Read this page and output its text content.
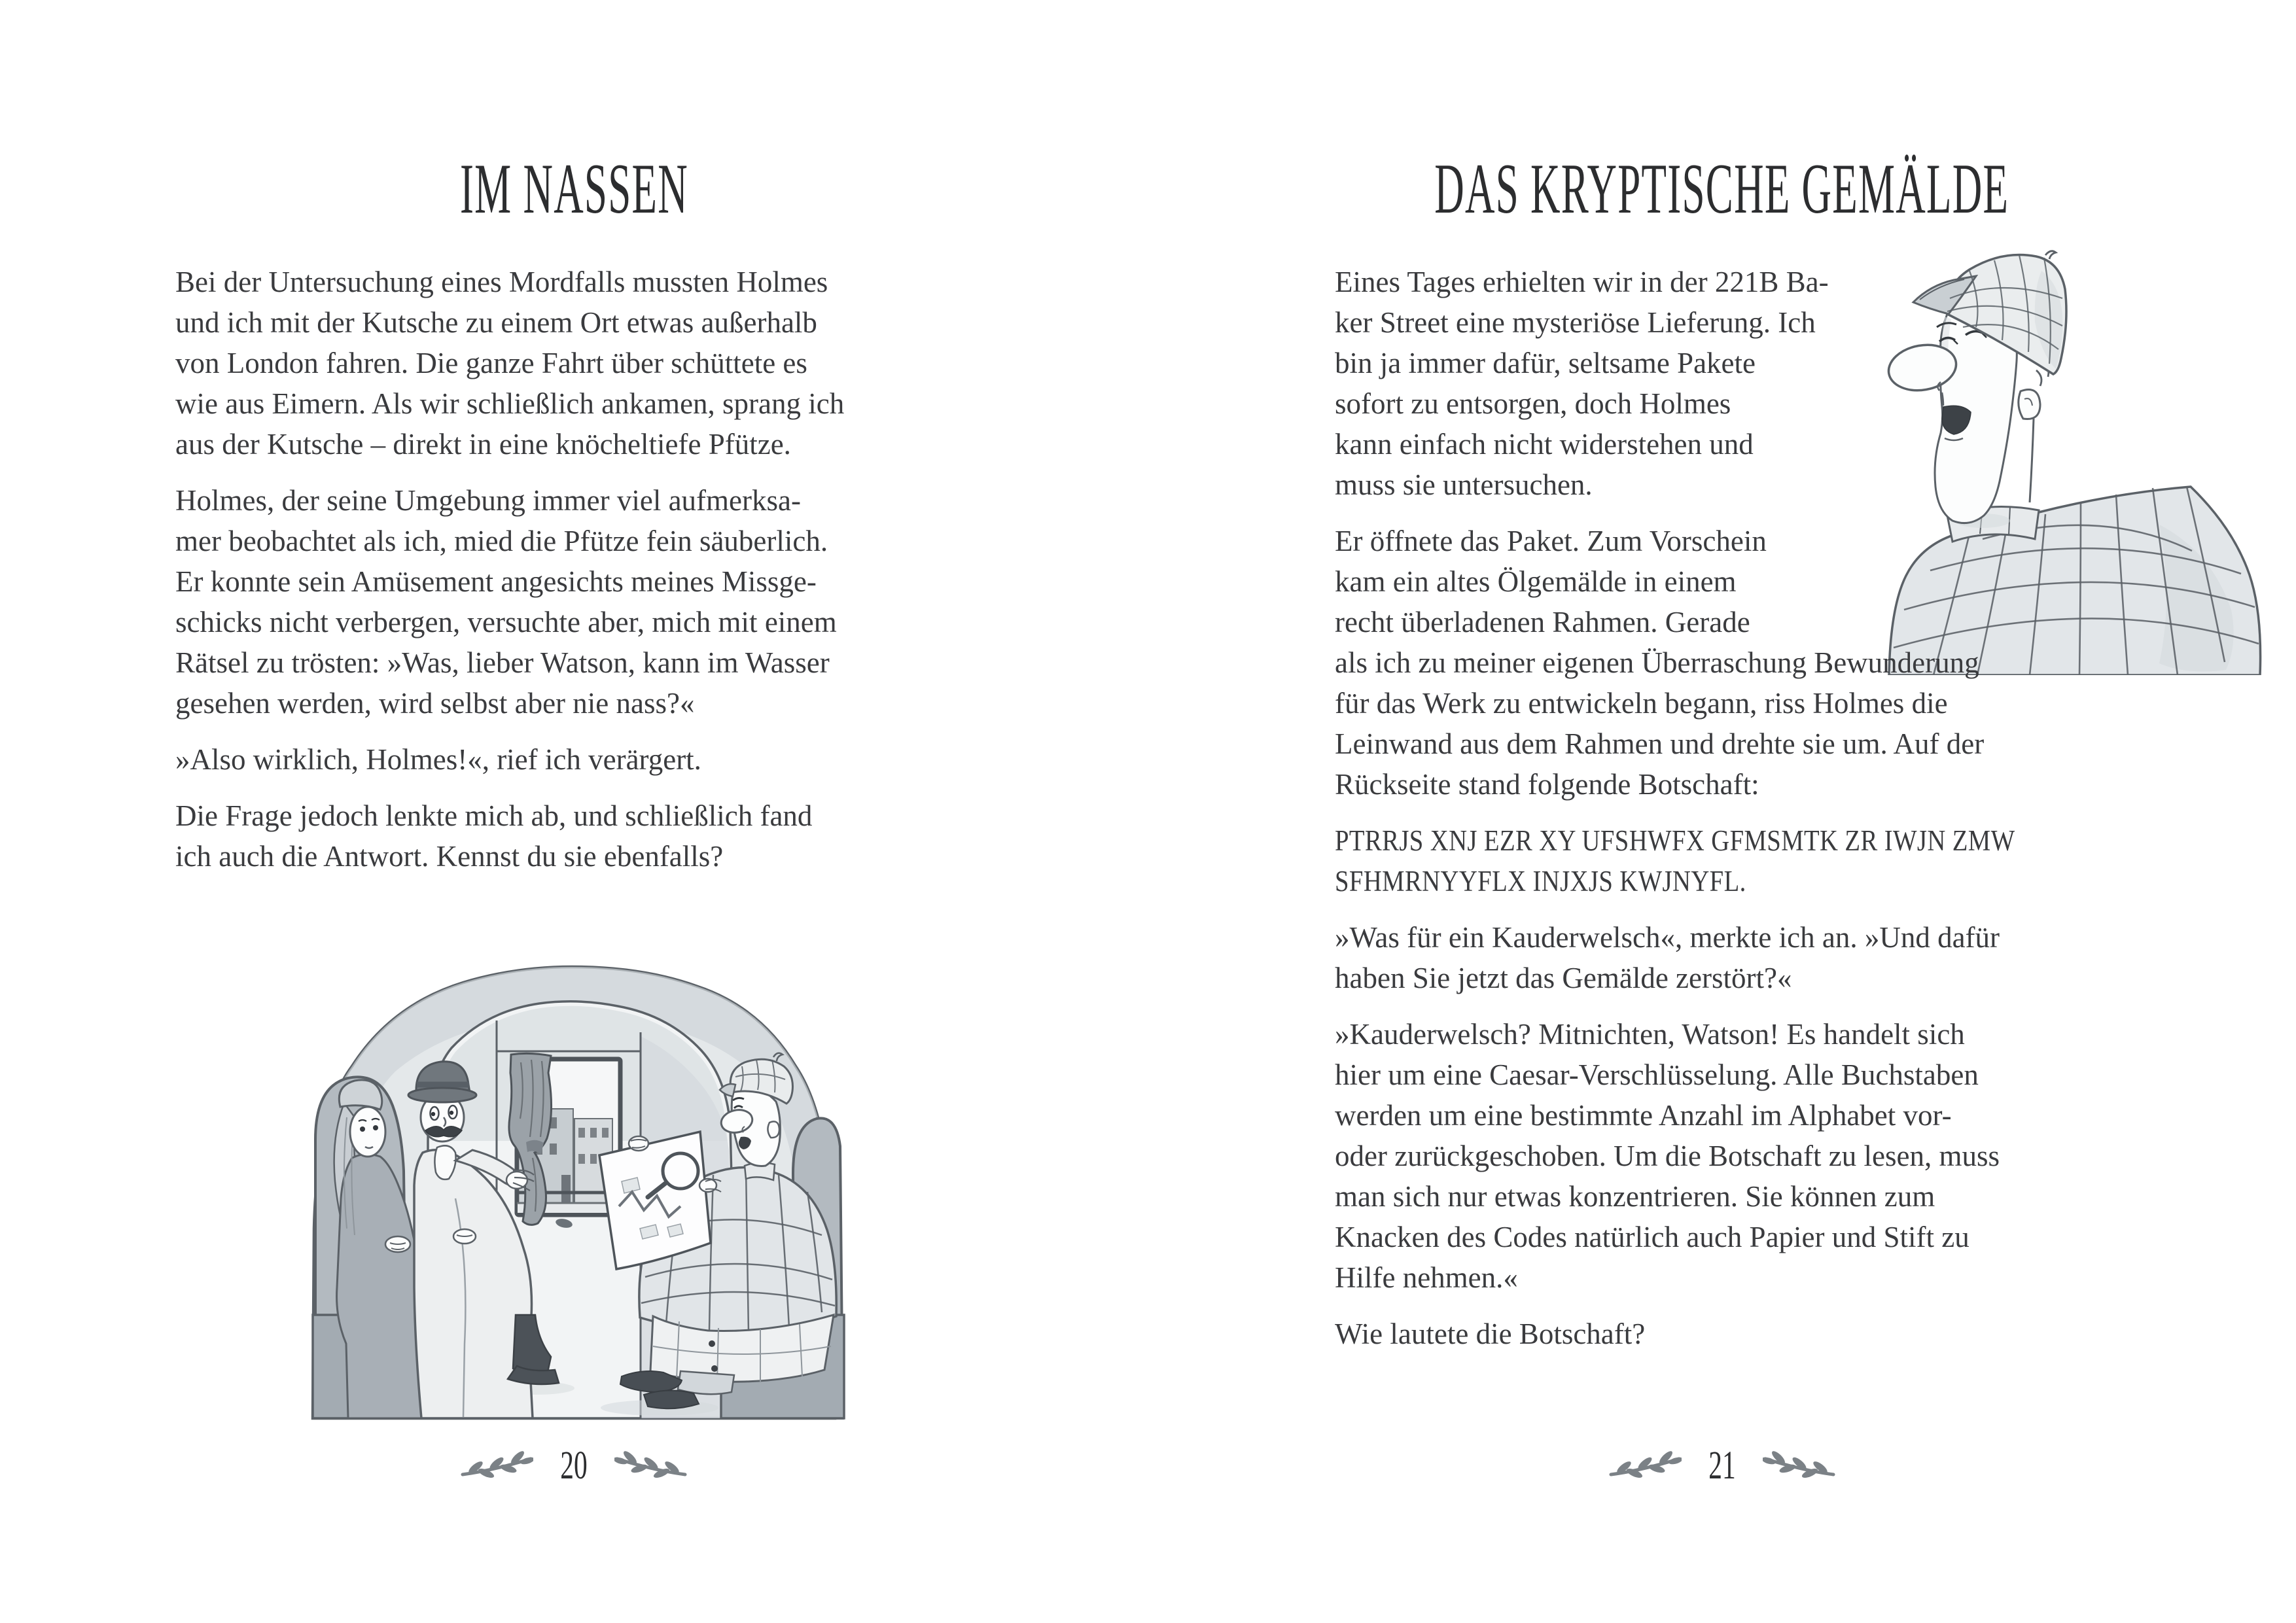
IM NASSEN

Bei der Untersuchung eines Mordfalls mussten Holmes
und ich mit der Kutsche zu einem Ort etwas außerhalb
von London fahren. Die ganze Fahrt über schüttete es
wie aus Eimern. Als wir schließlich ankamen, sprang ich
aus der Kutsche – direkt in eine knöcheltiefe Pfütze.

Holmes, der seine Umgebung immer viel aufmerksa-
mer beobachtet als ich, mied die Pfütze fein säuberlich.
Er konnte sein Amüsement angesichts meines Missge-
schicks nicht verbergen, versuchte aber, mich mit einem
Rätsel zu trösten: »Was, lieber Watson, kann im Wasser
gesehen werden, wird selbst aber nie nass?«

»Also wirklich, Holmes!«, rief ich verärgert.

Die Frage jedoch lenkte mich ab, und schließlich fand
ich auch die Antwort. Kennst du sie ebenfalls?

20
DAS KRYPTISCHE GEMÄLDE

Eines Tages erhielten wir in der 221B Ba-
ker Street eine mysteriöse Lieferung. Ich
bin ja immer dafür, seltsame Pakete
sofort zu entsorgen, doch Holmes
kann einfach nicht widerstehen und
muss sie untersuchen.

Er öffnete das Paket. Zum Vorschein
kam ein altes Ölgemälde in einem
recht überladenen Rahmen. Gerade
als ich zu meiner eigenen Überraschung Bewunderung
für das Werk zu entwickeln begann, riss Holmes die
Leinwand aus dem Rahmen und drehte sie um. Auf der
Rückseite stand folgende Botschaft:

PTRRJS XNJ EZR XY UFSHWFX GFMSMTK ZR IWJN ZMW
SFHMRNYYFLX INJXJS KWJNYFL.

»Was für ein Kauderwelsch«, merkte ich an. »Und dafür
haben Sie jetzt das Gemälde zerstört?«

»Kauderwelsch? Mitnichten, Watson! Es handelt sich
hier um eine Caesar-Verschlüsselung. Alle Buchstaben
werden um eine bestimmte Anzahl im Alphabet vor-
oder zurückgeschoben. Um die Botschaft zu lesen, muss
man sich nur etwas konzentrieren. Sie können zum
Knacken des Codes natürlich auch Papier und Stift zu
Hilfe nehmen.«

Wie lautete die Botschaft?

21
